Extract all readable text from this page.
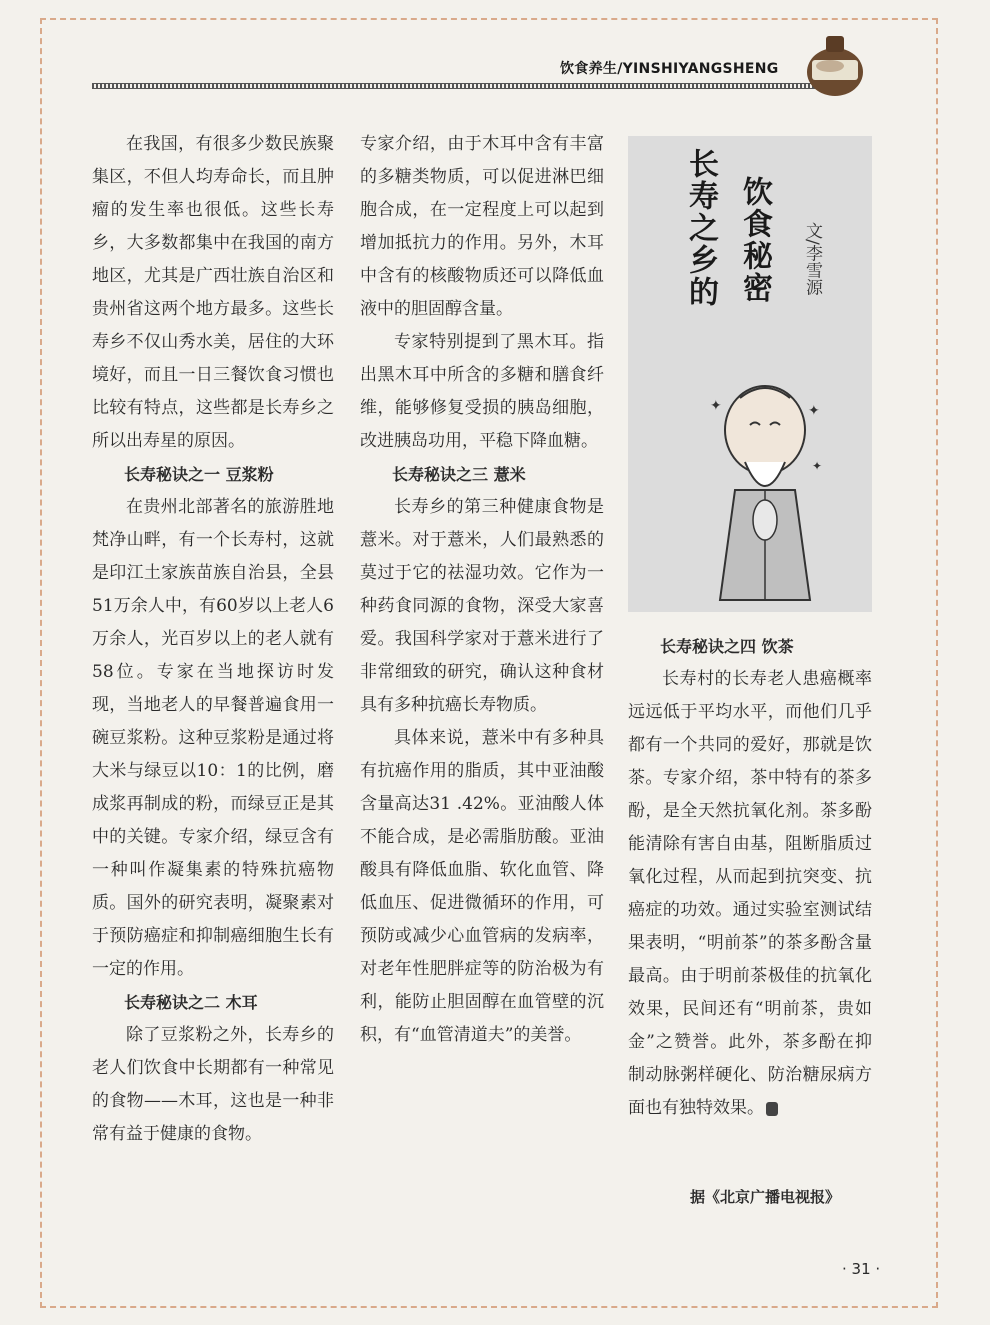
饮食养生/YINSHIYANGSHENG

在我国，有很多少数民族聚集区，不但人均寿命长，而且肿瘤的发生率也很低。这些长寿乡，大多数都集中在我国的南方地区，尤其是广西壮族自治区和贵州省这两个地方最多。这些长寿乡不仅山秀水美，居住的大环境好，而且一日三餐饮食习惯也比较有特点，这些都是长寿乡之所以出寿星的原因。

长寿秘诀之一 豆浆粉

在贵州北部著名的旅游胜地梵净山畔，有一个长寿村，这就是印江土家族苗族自治县，全县51万余人中，有60岁以上老人6万余人，光百岁以上的老人就有58位。专家在当地探访时发现，当地老人的早餐普遍食用一碗豆浆粉。这种豆浆粉是通过将大米与绿豆以10：1的比例，磨成浆再制成的粉，而绿豆正是其中的关键。专家介绍，绿豆含有一种叫作凝集素的特殊抗癌物质。国外的研究表明，凝聚素对于预防癌症和抑制癌细胞生长有一定的作用。

长寿秘诀之二 木耳

除了豆浆粉之外，长寿乡的老人们饮食中长期都有一种常见的食物——木耳，这也是一种非常有益于健康的食物。

专家介绍，由于木耳中含有丰富的多糖类物质，可以促进淋巴细胞合成，在一定程度上可以起到增加抵抗力的作用。另外，木耳中含有的核酸物质还可以降低血液中的胆固醇含量。

专家特别提到了黑木耳。指出黑木耳中所含的多糖和膳食纤维，能够修复受损的胰岛细胞，改进胰岛功用，平稳下降血糖。

长寿秘诀之三 薏米

长寿乡的第三种健康食物是薏米。对于薏米，人们最熟悉的莫过于它的祛湿功效。它作为一种药食同源的食物，深受大家喜爱。我国科学家对于薏米进行了非常细致的研究，确认这种食材具有多种抗癌长寿物质。

具体来说，薏米中有多种具有抗癌作用的脂质，其中亚油酸含量高达31 .42%。亚油酸人体不能合成，是必需脂肪酸。亚油酸具有降低血脂、软化血管、降低血压、促进微循环的作用，可预防或减少心血管病的发病率，对老年性肥胖症等的防治极为有利，能防止胆固醇在血管壁的沉积，有“血管清道夫”的美誉。

长寿之乡的 饮食秘密 文/李雪源
✦	✦
✦
长寿秘诀之四 饮茶

长寿村的长寿老人患癌概率远远低于平均水平，而他们几乎都有一个共同的爱好，那就是饮茶。专家介绍，茶中特有的茶多酚，是全天然抗氧化剂。茶多酚能清除有害自由基，阻断脂质过氧化过程，从而起到抗突变、抗癌症的功效。通过实验室测试结果表明，“明前茶”的茶多酚含量最高。由于明前茶极佳的抗氧化效果，民间还有“明前茶，贵如金”之赞誉。此外，茶多酚在抑制动脉粥样硬化、防治糖尿病方面也有独特效果。

据《北京广播电视报》
· 31 ·
